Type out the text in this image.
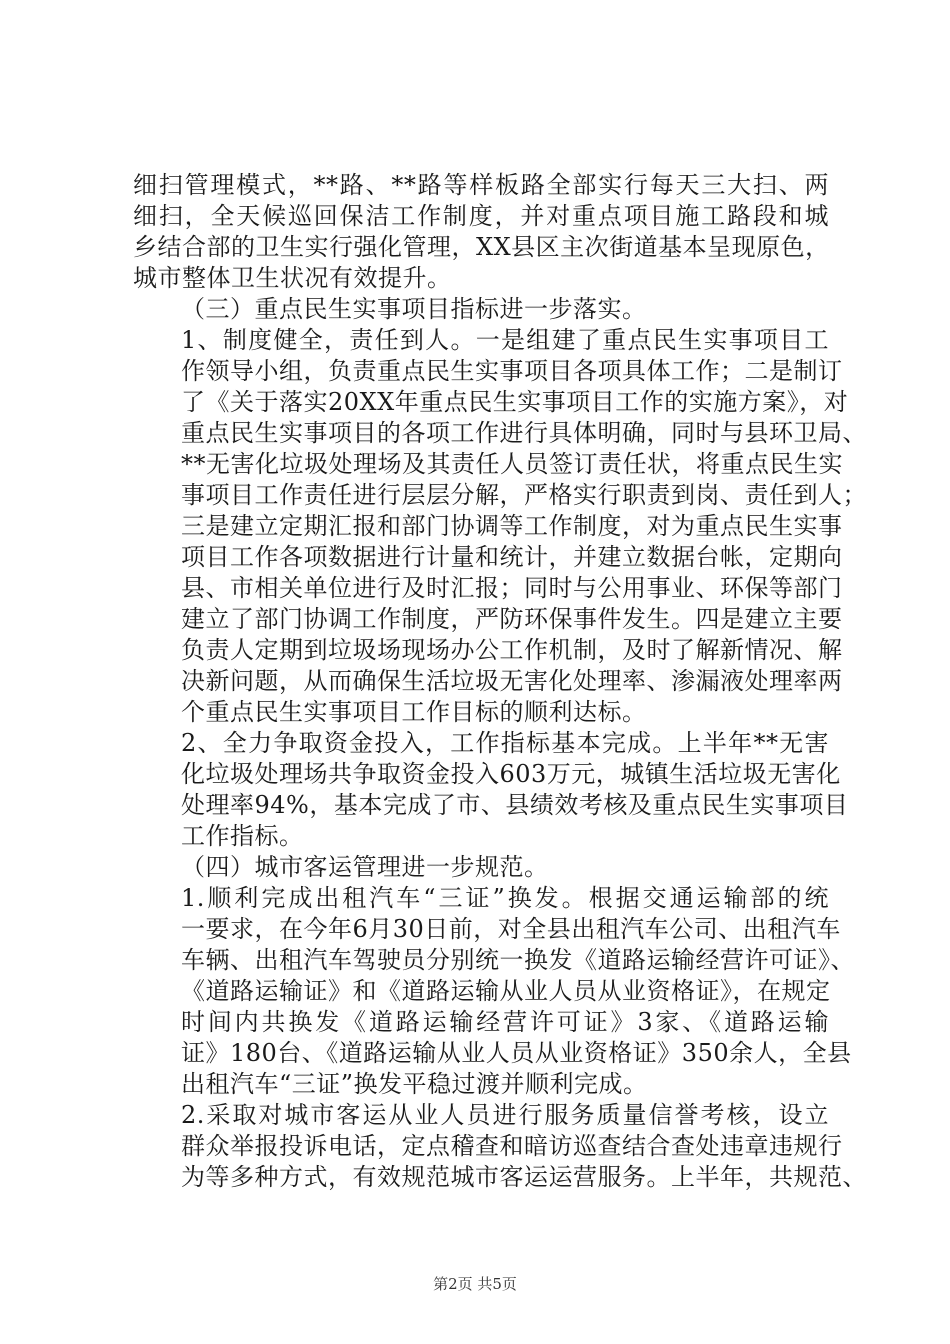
细扫管理模式，**路、**路等样板路全部实行每天三大扫、两
细扫，全天候巡回保洁工作制度，并对重点项目施工路段和城
乡结合部的卫生实行强化管理，XX县区主次街道基本呈现原色，
城市整体卫生状况有效提升。

（三）重点民生实事项目指标进一步落实。

1、制度健全，责任到人。一是组建了重点民生实事项目工
作领导小组，负责重点民生实事项目各项具体工作；二是制订
了《关于落实20XX年重点民生实事项目工作的实施方案》，对
重点民生实事项目的各项工作进行具体明确，同时与县环卫局、
**无害化垃圾处理场及其责任人员签订责任状，将重点民生实
事项目工作责任进行层层分解，严格实行职责到岗、责任到人；
三是建立定期汇报和部门协调等工作制度，对为重点民生实事
项目工作各项数据进行计量和统计，并建立数据台帐，定期向
县、市相关单位进行及时汇报；同时与公用事业、环保等部门
建立了部门协调工作制度，严防环保事件发生。四是建立主要
负责人定期到垃圾场现场办公工作机制，及时了解新情况、解
决新问题，从而确保生活垃圾无害化处理率、渗漏液处理率两
个重点民生实事项目工作目标的顺利达标。

2、全力争取资金投入，工作指标基本完成。上半年**无害
化垃圾处理场共争取资金投入603万元，城镇生活垃圾无害化
处理率94%，基本完成了市、县绩效考核及重点民生实事项目
工作指标。

（四）城市客运管理进一步规范。

1.顺利完成出租汽车“三证”换发。根据交通运输部的统
一要求，在今年6月30日前，对全县出租汽车公司、出租汽车
车辆、出租汽车驾驶员分别统一换发《道路运输经营许可证》、
《道路运输证》和《道路运输从业人员从业资格证》，在规定
时间内共换发《道路运输经营许可证》3家、《道路运输
证》180台、《道路运输从业人员从业资格证》350余人，全县
出租汽车“三证”换发平稳过渡并顺利完成。

2.采取对城市客运从业人员进行服务质量信誉考核，设立
群众举报投诉电话，定点稽查和暗访巡查结合查处违章违规行
为等多种方式，有效规范城市客运运营服务。上半年，共规范、

第2页 共5页
